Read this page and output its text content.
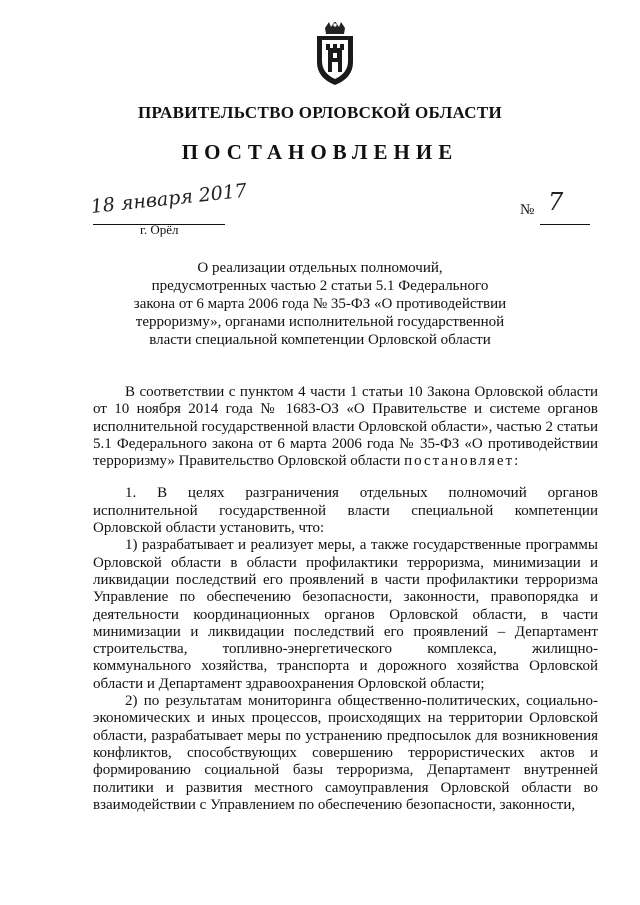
ПРАВИТЕЛЬСТВО ОРЛОВСКОЙ ОБЛАСТИ
ПОСТАНОВЛЕНИЕ
18 января 2017
г. Орёл
№ 7
О реализации отдельных полномочий,
предусмотренных частью 2 статьи 5.1 Федерального
закона от 6 марта 2006 года № 35-ФЗ «О противодействии
терроризму», органами исполнительной государственной
власти специальной компетенции Орловской области

В соответствии с пунктом 4 части 1 статьи 10 Закона Орловской области от 10 ноября 2014 года № 1683-ОЗ «О Правительстве и системе органов исполнительной государственной власти Орловской области», частью 2 статьи 5.1 Федерального закона от 6 марта 2006 года № 35-ФЗ «О противодействии терроризму» Правительство Орловской области постановляет:

1. В целях разграничения отдельных полномочий органов исполнительной государственной власти специальной компетенции Орловской области установить, что:

1) разрабатывает и реализует меры, а также государственные программы Орловской области в области профилактики терроризма, минимизации и ликвидации последствий его проявлений в части профилактики терроризма Управление по обеспечению безопасности, законности, правопорядка и деятельности координационных органов Орловской области, в части минимизации и ликвидации последствий его проявлений – Департамент строительства, топливно-энергетического комплекса, жилищно-коммунального хозяйства, транспорта и дорожного хозяйства Орловской области и Департамент здравоохранения Орловской области;

2) по результатам мониторинга общественно-политических, социально-экономических и иных процессов, происходящих на территории Орловской области, разрабатывает меры по устранению предпосылок для возникновения конфликтов, способствующих совершению террористических актов и формированию социальной базы терроризма, Департамент внутренней политики и развития местного самоуправления Орловской области во взаимодействии с Управлением по обеспечению безопасности, законности,
